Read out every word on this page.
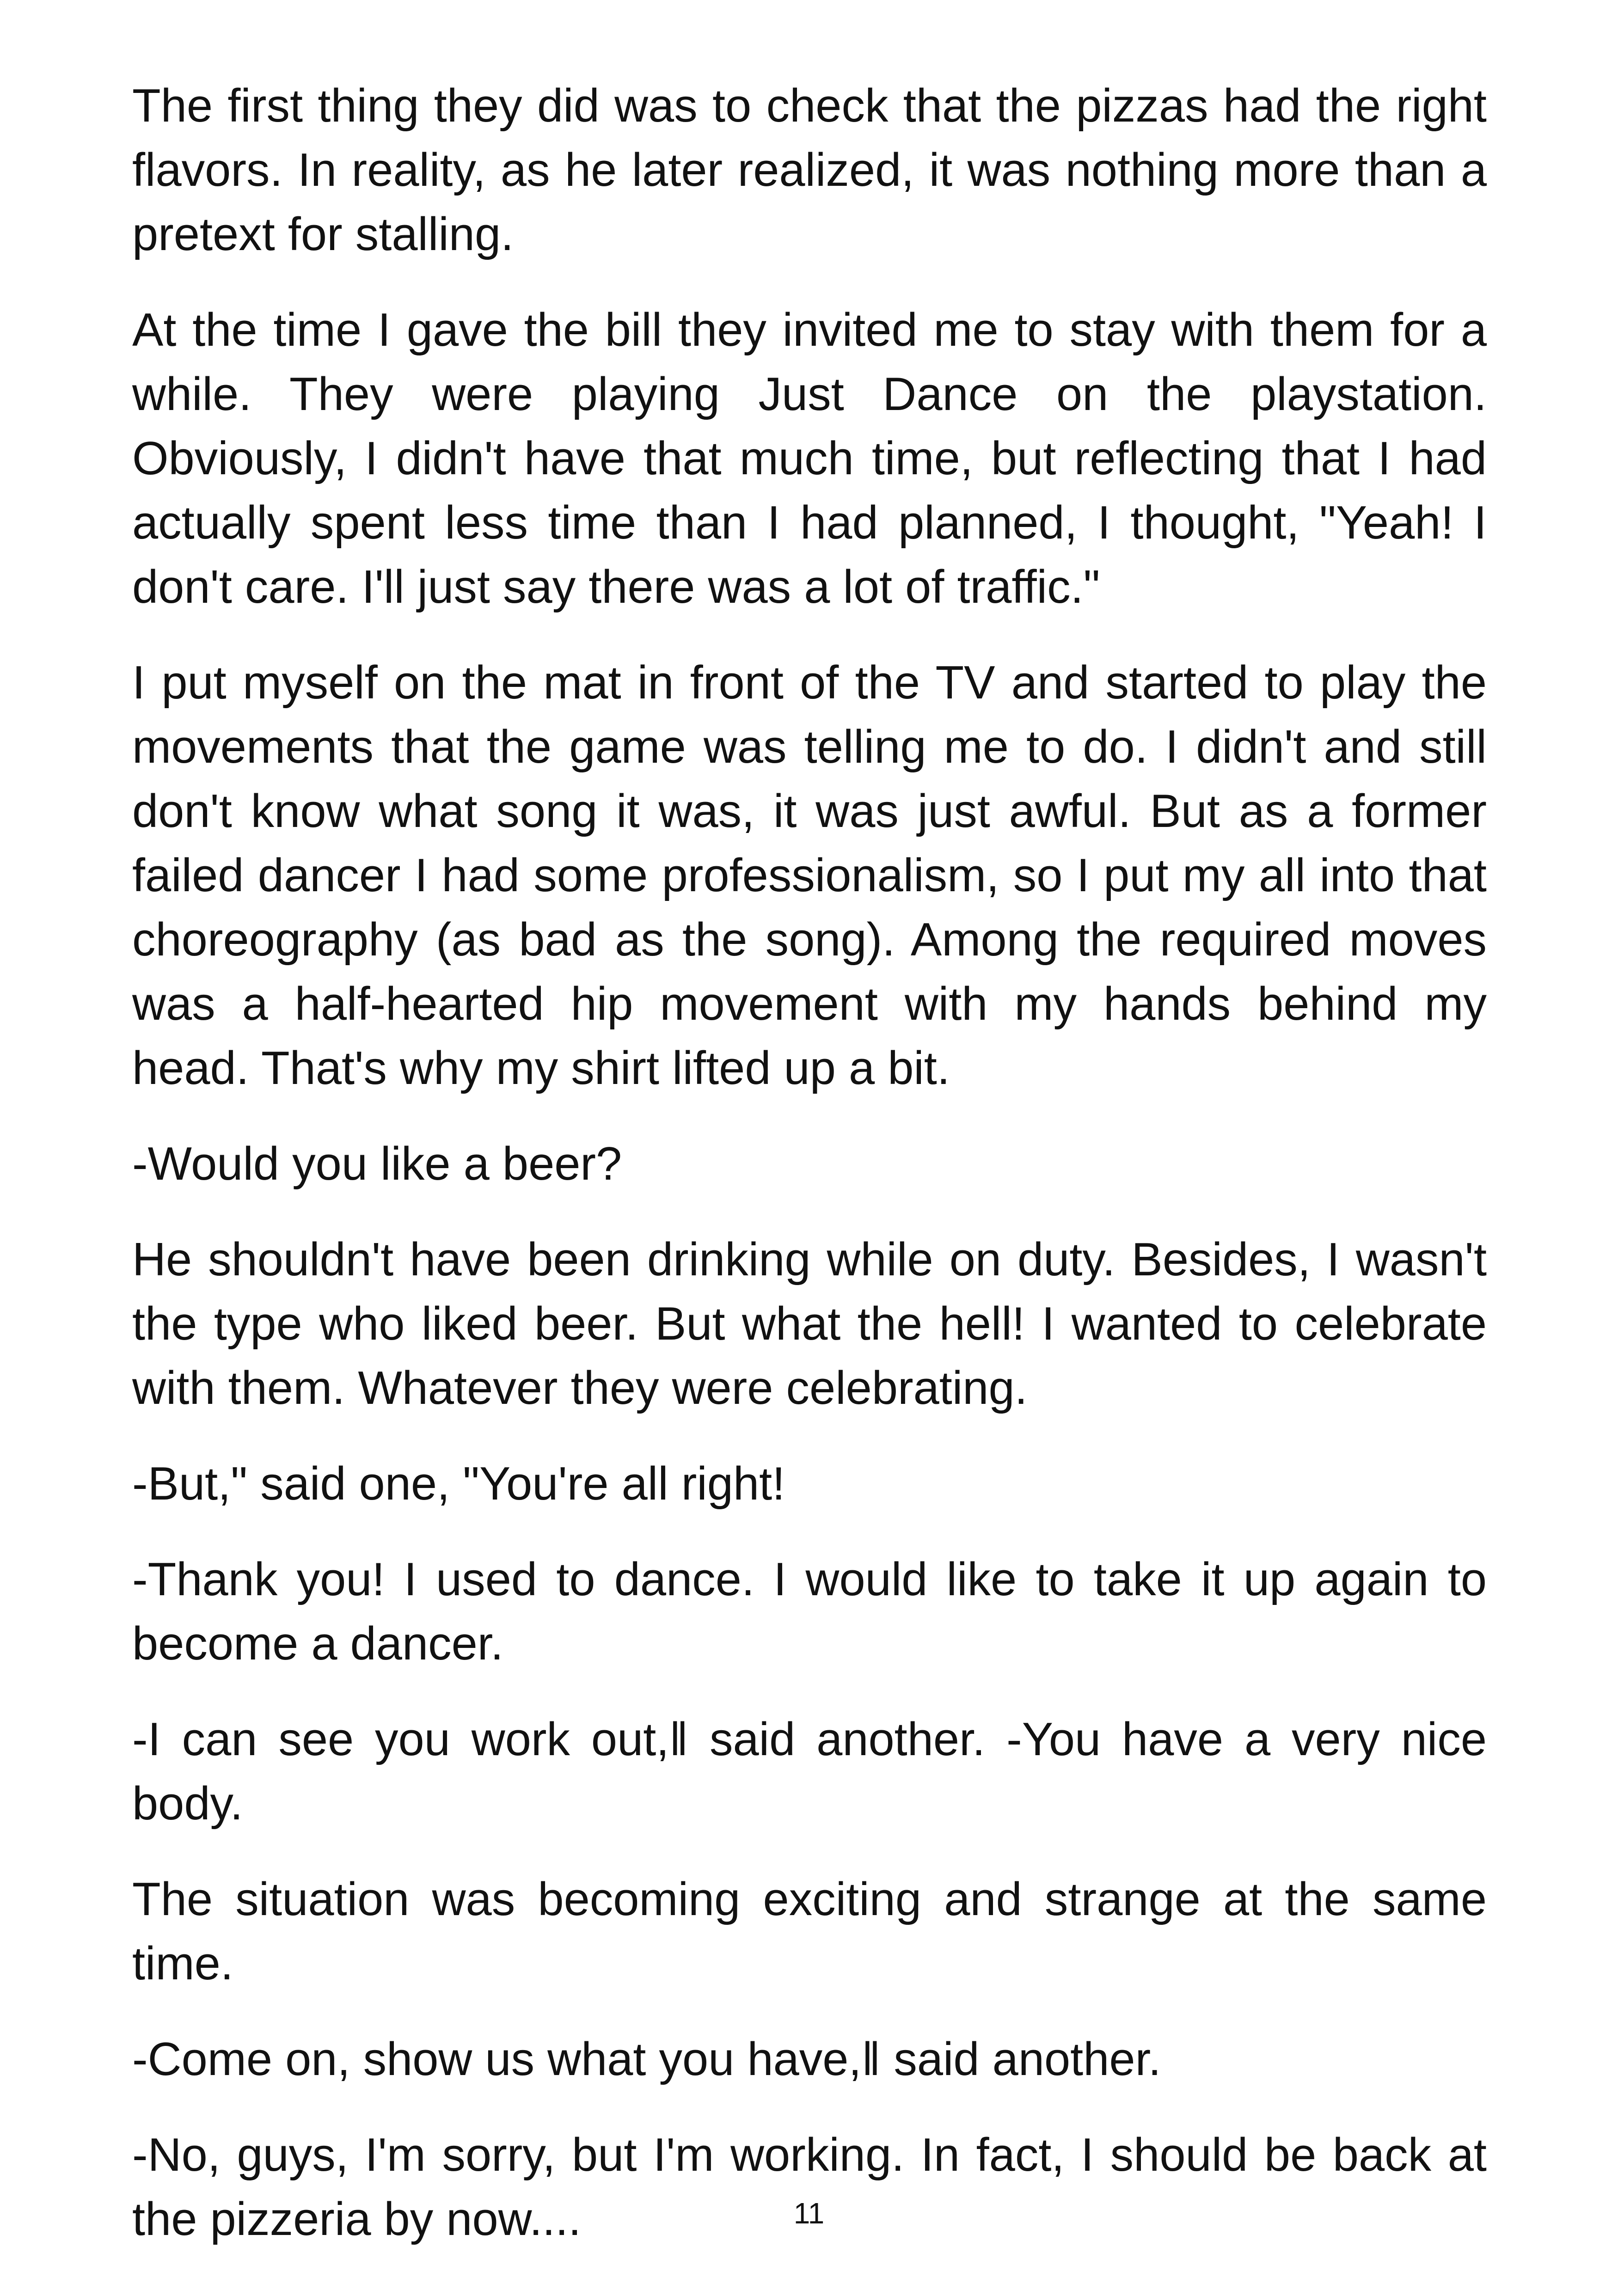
The first thing they did was to check that the pizzas had the right flavors. In reality, as he later realized, it was nothing more than a pretext for stalling.

At the time I gave the bill they invited me to stay with them for a while. They were playing Just Dance on the playstation. Obviously, I didn't have that much time, but reflecting that I had actually spent less time than I had planned, I thought, "Yeah! I don't care. I'll just say there was a lot of traffic."

I put myself on the mat in front of the TV and started to play the movements that the game was telling me to do. I didn't and still don't know what song it was, it was just awful. But as a former failed dancer I had some professionalism, so I put my all into that choreography (as bad as the song). Among the required moves was a half-hearted hip movement with my hands behind my head. That's why my shirt lifted up a bit.

-Would you like a beer?

He shouldn't have been drinking while on duty. Besides, I wasn't the type who liked beer. But what the hell! I wanted to celebrate with them. Whatever they were celebrating.

-But," said one, "You're all right!

-Thank you! I used to dance. I would like to take it up again to become a dancer.

-I can see you work out,‖ said another. -You have a very nice body.

The situation was becoming exciting and strange at the same time.

-Come on, show us what you have,‖ said another.

-No, guys, I'm sorry, but I'm working. In fact, I should be back at the pizzeria by now....	11
